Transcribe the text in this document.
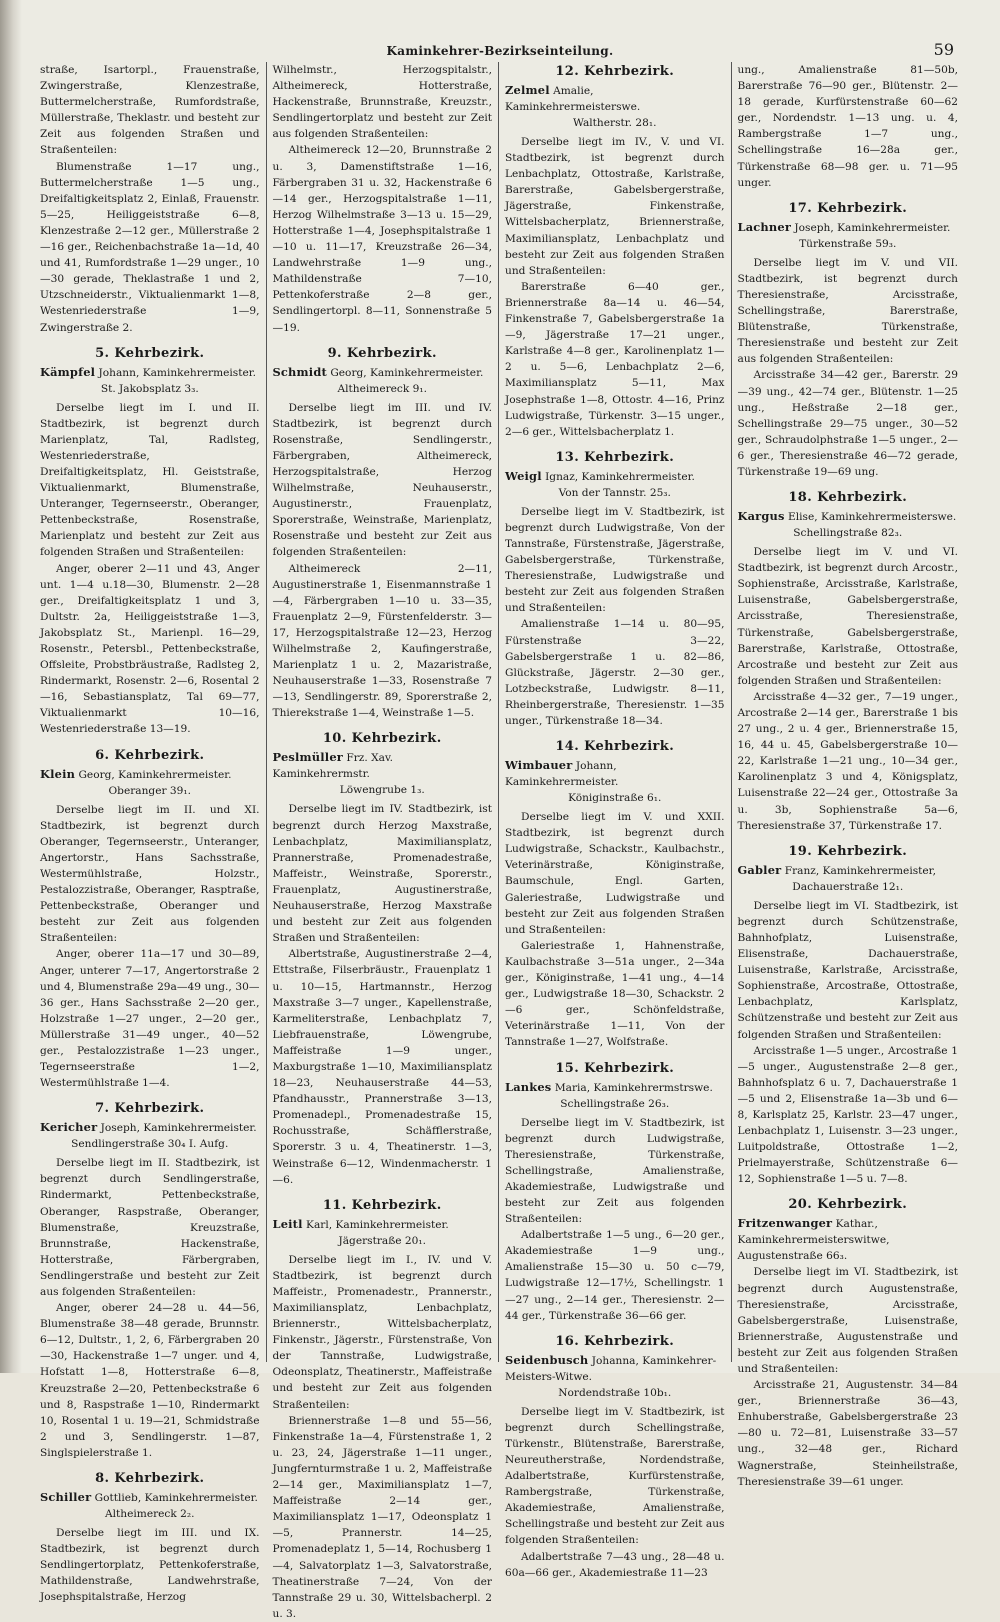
Kaminkehrer-Bezirkseinteilung.	59

straße, Isartorpl., Frauenstraße, Zwingerstraße, Klenzestraße, Buttermelcherstraße, Rumfordstraße, Müllerstraße, Theklastr. und besteht zur Zeit aus folgenden Straßen und Straßenteilen:

Blumenstraße 1—17 ung., Buttermelcherstraße 1—5 ung., Dreifaltigkeitsplatz 2, Einlaß, Frauenstr. 5—25, Heiliggeiststraße 6—8, Klenzestraße 2—12 ger., Müllerstraße 2—16 ger., Reichenbachstraße 1a—1d, 40 und 41, Rumfordstraße 1—29 unger., 10—30 gerade, Theklastraße 1 und 2, Utzschneiderstr., Viktualienmarkt 1—8, Westenriederstraße 1—9, Zwingerstraße 2.

5. Kehrbezirk.

Kämpfel Johann, Kaminkehrermeister.

St. Jakobsplatz 3₃.

Derselbe liegt im I. und II. Stadtbezirk, ist begrenzt durch Marienplatz, Tal, Radlsteg, Westenriederstraße, Dreifaltigkeitsplatz, Hl. Geiststraße, Viktualienmarkt, Blumenstraße, Unteranger, Tegernseerstr., Oberanger, Pettenbeckstraße, Rosenstraße, Marienplatz und besteht zur Zeit aus folgenden Straßen und Straßenteilen:

Anger, oberer 2—11 und 43, Anger unt. 1—4 u.18—30, Blumenstr. 2—28 ger., Dreifaltigkeitsplatz 1 und 3, Dultstr. 2a, Heiliggeiststraße 1—3, Jakobsplatz St., Marienpl. 16—29, Rosenstr., Petersbl., Pettenbeckstraße, Offsleite, Probstbräustraße, Radlsteg 2, Rindermarkt, Rosenstr. 2—6, Rosental 2—16, Sebastiansplatz, Tal 69—77, Viktualienmarkt 10—16, Westenriederstraße 13—19.

6. Kehrbezirk.

Klein Georg, Kaminkehrermeister.

Oberanger 39₁.

Derselbe liegt im II. und XI. Stadtbezirk, ist begrenzt durch Oberanger, Tegernseerstr., Unteranger, Angertorstr., Hans Sachsstraße, Westermühlstraße, Holzstr., Pestalozzistraße, Oberanger, Rasptraße, Pettenbeckstraße, Oberanger und besteht zur Zeit aus folgenden Straßenteilen:

Anger, oberer 11a—17 und 30—89, Anger, unterer 7—17, Angertorstraße 2 und 4, Blumenstraße 29a—49 ung., 30—36 ger., Hans Sachsstraße 2—20 ger., Holzstraße 1—27 unger., 2—20 ger., Müllerstraße 31—49 unger., 40—52 ger., Pestalozzistraße 1—23 unger., Tegernseerstraße 1—2, Westermühlstraße 1—4.

7. Kehrbezirk.

Kericher Joseph, Kaminkehrermeister.

Sendlingerstraße 30₄ I. Aufg.

Derselbe liegt im II. Stadtbezirk, ist begrenzt durch Sendlingerstraße, Rindermarkt, Pettenbeckstraße, Oberanger, Raspstraße, Oberanger, Blumenstraße, Kreuzstraße, Brunnstraße, Hackenstraße, Hotterstraße, Färbergraben, Sendlingerstraße und besteht zur Zeit aus folgenden Straßenteilen:

Anger, oberer 24—28 u. 44—56, Blumenstraße 38—48 gerade, Brunnstr. 6—12, Dultstr., 1, 2, 6, Färbergraben 20—30, Hackenstraße 1—7 unger. und 4, Hofstatt 1—8, Hotterstraße 6—8, Kreuzstraße 2—20, Pettenbeckstraße 6 und 8, Raspstraße 1—10, Rindermarkt 10, Rosental 1 u. 19—21, Schmidstraße 2 und 3, Sendlingerstr. 1—87, Singlspielerstraße 1.

8. Kehrbezirk.

Schiller Gottlieb, Kaminkehrermeister.

Altheimereck 2₂.

Derselbe liegt im III. und IX. Stadtbezirk, ist begrenzt durch Sendlingertorplatz, Pettenkoferstraße, Mathildenstraße, Landwehrstraße, Josephspitalstraße, Herzog

Wilhelmstr., Herzogspitalstr., Altheimereck, Hotterstraße, Hackenstraße, Brunnstraße, Kreuzstr., Sendlingertorplatz und besteht zur Zeit aus folgenden Straßenteilen:

Altheimereck 12—20, Brunnstraße 2 u. 3, Damenstiftstraße 1—16, Färbergraben 31 u. 32, Hackenstraße 6—14 ger., Herzogspitalstraße 1—11, Herzog Wilhelmstraße 3—13 u. 15—29, Hotterstraße 1—4, Josephspitalstraße 1—10 u. 11—17, Kreuzstraße 26—34, Landwehrstraße 1—9 ung., Mathildenstraße 7—10, Pettenkoferstraße 2—8 ger., Sendlingertorpl. 8—11, Sonnenstraße 5—19.

9. Kehrbezirk.

Schmidt Georg, Kaminkehrermeister.

Altheimereck 9₁.

Derselbe liegt im III. und IV. Stadtbezirk, ist begrenzt durch Rosenstraße, Sendlingerstr., Färbergraben, Altheimereck, Herzogspitalstraße, Herzog Wilhelmstraße, Neuhauserstr., Augustinerstr., Frauenplatz, Sporerstraße, Weinstraße, Marienplatz, Rosenstraße und besteht zur Zeit aus folgenden Straßenteilen:

Altheimereck 2—11, Augustinerstraße 1, Eisenmannstraße 1—4, Färbergraben 1—10 u. 33—35, Frauenplatz 2—9, Fürstenfelderstr. 3—17, Herzogspitalstraße 12—23, Herzog Wilhelmstraße 2, Kaufingerstraße, Marienplatz 1 u. 2, Mazaristraße, Neuhauserstraße 1—33, Rosenstraße 7—13, Sendlingerstr. 89, Sporerstraße 2, Thierekstraße 1—4, Weinstraße 1—5.

10. Kehrbezirk.

Peslmüller Frz. Xav. Kaminkehrermstr.

Löwengrube 1₃.

Derselbe liegt im IV. Stadtbezirk, ist begrenzt durch Herzog Maxstraße, Lenbachplatz, Maximiliansplatz, Prannerstraße, Promenadestraße, Maffeistr., Weinstraße, Sporerstr., Frauenplatz, Augustinerstraße, Neuhauserstraße, Herzog Maxstraße und besteht zur Zeit aus folgenden Straßen und Straßenteilen:

Albertstraße, Augustinerstraße 2—4, Ettstraße, Filserbräustr., Frauenplatz 1 u. 10—15, Hartmannstr., Herzog Maxstraße 3—7 unger., Kapellenstraße, Karmeliterstraße, Lenbachplatz 7, Liebfrauenstraße, Löwengrube, Maffeistraße 1—9 unger., Maxburgstraße 1—10, Maximiliansplatz 18—23, Neuhauserstraße 44—53, Pfandhausstr., Prannerstraße 3—13, Promenadepl., Promenadestraße 15, Rochusstraße, Schäfflerstraße, Sporerstr. 3 u. 4, Theatinerstr. 1—3, Weinstraße 6—12, Windenmacherstr. 1—6.

11. Kehrbezirk.

Leitl Karl, Kaminkehrermeister.

Jägerstraße 20₁.

Derselbe liegt im I., IV. und V. Stadtbezirk, ist begrenzt durch Maffeistr., Promenadestr., Prannerstr., Maximiliansplatz, Lenbachplatz, Briennerstr., Wittelsbacherplatz, Finkenstr., Jägerstr., Fürstenstraße, Von der Tannstraße, Ludwigstraße, Odeonsplatz, Theatinerstr., Maffeistraße und besteht zur Zeit aus folgenden Straßenteilen:

Briennerstraße 1—8 und 55—56, Finkenstraße 1a—4, Fürstenstraße 1, 2 u. 23, 24, Jägerstraße 1—11 unger., Jungfernturmstraße 1 u. 2, Maffeistraße 2—14 ger., Maximiliansplatz 1—7, Maffeistraße 2—14 ger., Maximiliansplatz 1—17, Odeonsplatz 1—5, Prannerstr. 14—25, Promenadeplatz 1, 5—14, Rochusberg 1—4, Salvatorplatz 1—3, Salvatorstraße, Theatinerstraße 7—24, Von der Tannstraße 29 u. 30, Wittelsbacherpl. 2 u. 3.

12. Kehrbezirk.

Zelmel Amalie, Kaminkehrermeisterswe.

Waltherstr. 28₁.

Derselbe liegt im IV., V. und VI. Stadtbezirk, ist begrenzt durch Lenbachplatz, Ottostraße, Karlstraße, Barerstraße, Gabelsbergerstraße, Jägerstraße, Finkenstraße, Wittelsbacherplatz, Briennerstraße, Maximiliansplatz, Lenbachplatz und besteht zur Zeit aus folgenden Straßen und Straßenteilen:

Barerstraße 6—40 ger., Briennerstraße 8a—14 u. 46—54, Finkenstraße 7, Gabelsbergerstraße 1a—9, Jägerstraße 17—21 unger., Karlstraße 4—8 ger., Karolinenplatz 1—2 u. 5—6, Lenbachplatz 2—6, Maximiliansplatz 5—11, Max Josephstraße 1—8, Ottostr. 4—16, Prinz Ludwigstraße, Türkenstr. 3—15 unger., 2—6 ger., Wittelsbacherplatz 1.

13. Kehrbezirk.

Weigl Ignaz, Kaminkehrermeister.

Von der Tannstr. 25₃.

Derselbe liegt im V. Stadtbezirk, ist begrenzt durch Ludwigstraße, Von der Tannstraße, Fürstenstraße, Jägerstraße, Gabelsbergerstraße, Türkenstraße, Theresienstraße, Ludwigstraße und besteht zur Zeit aus folgenden Straßen und Straßenteilen:

Amalienstraße 1—14 u. 80—95, Fürstenstraße 3—22, Gabelsbergerstraße 1 u. 82—86, Glückstraße, Jägerstr. 2—30 ger., Lotzbeckstraße, Ludwigstr. 8—11, Rheinbergerstraße, Theresienstr. 1—35 unger., Türkenstraße 18—34.

14. Kehrbezirk.

Wimbauer Johann, Kaminkehrermeister.

Königinstraße 6₁.

Derselbe liegt im V. und XXII. Stadtbezirk, ist begrenzt durch Ludwigstraße, Schackstr., Kaulbachstr., Veterinärstraße, Königinstraße, Baumschule, Engl. Garten, Galeriestraße, Ludwigstraße und besteht zur Zeit aus folgenden Straßen und Straßenteilen:

Galeriestraße 1, Hahnenstraße, Kaulbachstraße 3—51a unger., 2—34a ger., Königinstraße, 1—41 ung., 4—14 ger., Ludwigstraße 18—30, Schackstr. 2—6 ger., Schönfeldstraße, Veterinärstraße 1—11, Von der Tannstraße 1—27, Wolfstraße.

15. Kehrbezirk.

Lankes Maria, Kaminkehrermstrswe.

Schellingstraße 26₃.

Derselbe liegt im V. Stadtbezirk, ist begrenzt durch Ludwigstraße, Theresienstraße, Türkenstraße, Schellingstraße, Amalienstraße, Akademiestraße, Ludwigstraße und besteht zur Zeit aus folgenden Straßenteilen:

Adalbertstraße 1—5 ung., 6—20 ger., Akademiestraße 1—9 ung., Amalienstraße 15—30 u. 50 c—79, Ludwigstraße 12—17½, Schellingstr. 1—27 ung., 2—14 ger., Theresienstr. 2—44 ger., Türkenstraße 36—66 ger.

16. Kehrbezirk.

Seidenbusch Johanna, Kaminkehrer-Meisters-Witwe.

Nordendstraße 10b₁.

Derselbe liegt im V. Stadtbezirk, ist begrenzt durch Schellingstraße, Türkenstr., Blütenstraße, Barerstraße, Neureutherstraße, Nordendstraße, Adalbertstraße, Kurfürstenstraße, Rambergstraße, Türkenstraße, Akademiestraße, Amalienstraße, Schellingstraße und besteht zur Zeit aus folgenden Straßenteilen:

Adalbertstraße 7—43 ung., 28—48 u. 60a—66 ger., Akademiestraße 11—23

ung., Amalienstraße 81—50b, Barerstraße 76—90 ger., Blütenstr. 2—18 gerade, Kurfürstenstraße 60—62 ger., Nordendstr. 1—13 ung. u. 4, Rambergstraße 1—7 ung., Schellingstraße 16—28a ger., Türkenstraße 68—98 ger. u. 71—95 unger.

17. Kehrbezirk.

Lachner Joseph, Kaminkehrermeister.

Türkenstraße 59₃.

Derselbe liegt im V. und VII. Stadtbezirk, ist begrenzt durch Theresienstraße, Arcisstraße, Schellingstraße, Barerstraße, Blütenstraße, Türkenstraße, Theresienstraße und besteht zur Zeit aus folgenden Straßenteilen:

Arcisstraße 34—42 ger., Barerstr. 29—39 ung., 42—74 ger., Blütenstr. 1—25 ung., Heßstraße 2—18 ger., Schellingstraße 29—75 unger., 30—52 ger., Schraudolphstraße 1—5 unger., 2—6 ger., Theresienstraße 46—72 gerade, Türkenstraße 19—69 ung.

18. Kehrbezirk.

Kargus Elise, Kaminkehrermeisterswe.

Schellingstraße 82₃.

Derselbe liegt im V. und VI. Stadtbezirk, ist begrenzt durch Arcostr., Sophienstraße, Arcisstraße, Karlstraße, Luisenstraße, Gabelsbergerstraße, Arcisstraße, Theresienstraße, Türkenstraße, Gabelsbergerstraße, Barerstraße, Karlstraße, Ottostraße, Arcostraße und besteht zur Zeit aus folgenden Straßen und Straßenteilen:

Arcisstraße 4—32 ger., 7—19 unger., Arcostraße 2—14 ger., Barerstraße 1 bis 27 ung., 2 u. 4 ger., Briennerstraße 15, 16, 44 u. 45, Gabelsbergerstraße 10—22, Karlstraße 1—21 ung., 10—34 ger., Karolinenplatz 3 und 4, Königsplatz, Luisenstraße 22—24 ger., Ottostraße 3a u. 3b, Sophienstraße 5a—6, Theresienstraße 37, Türkenstraße 17.

19. Kehrbezirk.

Gabler Franz, Kaminkehrermeister,

Dachauerstraße 12₁.

Derselbe liegt im VI. Stadtbezirk, ist begrenzt durch Schützenstraße, Bahnhofplatz, Luisenstraße, Elisenstraße, Dachauerstraße, Luisenstraße, Karlstraße, Arcisstraße, Sophienstraße, Arcostraße, Ottostraße, Lenbachplatz, Karlsplatz, Schützenstraße und besteht zur Zeit aus folgenden Straßen und Straßenteilen:

Arcisstraße 1—5 unger., Arcostraße 1—5 unger., Augustenstraße 2—8 ger., Bahnhofsplatz 6 u. 7, Dachauerstraße 1—5 und 2, Elisenstraße 1a—3b und 6—8, Karlsplatz 25, Karlstr. 23—47 unger., Lenbachplatz 1, Luisenstr. 3—23 unger., Luitpoldstraße, Ottostraße 1—2, Prielmayerstraße, Schützenstraße 6—12, Sophienstraße 1—5 u. 7—8.

20. Kehrbezirk.

Fritzenwanger Kathar., Kaminkehrermeisterswitwe, Augustenstraße 66₃.

Derselbe liegt im VI. Stadtbezirk, ist begrenzt durch Augustenstraße, Theresienstraße, Arcisstraße, Gabelsbergerstraße, Luisenstraße, Briennerstraße, Augustenstraße und besteht zur Zeit aus folgenden Straßen und Straßenteilen:

Arcisstraße 21, Augustenstr. 34—84 ger., Briennerstraße 36—43, Enhuberstraße, Gabelsbergerstraße 23—80 u. 72—81, Luisenstraße 33—57 ung., 32—48 ger., Richard Wagnerstraße, Steinheilstraße, Theresienstraße 39—61 unger.
